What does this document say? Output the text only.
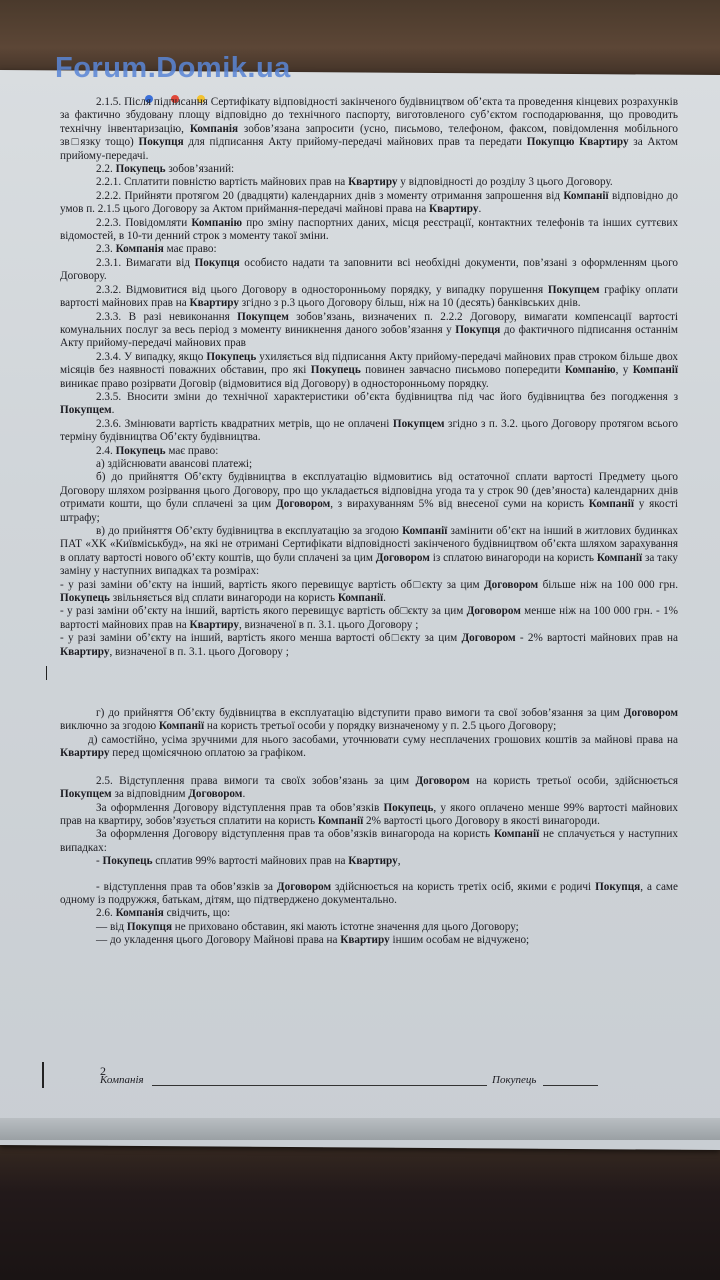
Forum.Domik.ua

2.1.5. Після підписання Сертифікату відповідності закінченого будівництвом об’єкта та проведення кінцевих розрахунків за фактично збудовану площу відповідно до технічного паспорту, виготовленого суб’єктом господарювання, що проводить технічну інвентаризацію, Компанія зобов’язана запросити (усно, письмово, телефоном, факсом, повідомлення мобільного зв□язку тощо) Покупця для підписання Акту прийому-передачі майнових прав та передати Покупцю Квартиру за Актом прийому-передачі.

2.2. Покупець зобов’язаний:

2.2.1. Сплатити повністю вартість майнових прав на Квартиру у відповідності до розділу 3 цього Договору.

2.2.2. Прийняти протягом 20 (двадцяти) календарних днів з моменту отримання запрошення від Компанії відповідно до умов п. 2.1.5 цього Договору за Актом приймання-передачі майнові права на Квартиру.

2.2.3. Повідомляти Компанію про зміну паспортних даних, місця реєстрації, контактних телефонів та інших суттєвих відомостей, в 10-ти денний строк з моменту такої зміни.

2.3. Компанія має право:

2.3.1. Вимагати від Покупця особисто надати та заповнити всі необхідні документи, пов’язані з оформленням цього Договору.

2.3.2. Відмовитися від цього Договору в односторонньому порядку, у випадку порушення Покупцем графіку оплати вартості майнових прав на Квартиру згідно з р.3 цього Договору більш, ніж на 10 (десять) банківських днів.

2.3.3. В разі невиконання Покупцем зобов’язань, визначених п. 2.2.2 Договору, вимагати компенсації вартості комунальних послуг за весь період з моменту виникнення даного зобов’язання у Покупця до фактичного підписання останнім Акту прийому-передачі майнових прав

2.3.4. У випадку, якщо Покупець ухиляється від підписання Акту прийому-передачі майнових прав строком більше двох місяців без наявності поважних обставин, про які Покупець повинен завчасно письмово попередити Компанію, у Компанії виникає право розірвати Договір (відмовитися від Договору) в односторонньому порядку.

2.3.5. Вносити зміни до технічної характеристики об’єкта будівництва під час його будівництва без погодження з Покупцем.

2.3.6. Змінювати вартість квадратних метрів, що не оплачені Покупцем згідно з п. 3.2. цього Договору протягом всього терміну будівництва Об’єкту будівництва.

2.4. Покупець має право:

а) здійснювати авансові платежі;

б) до прийняття Об’єкту будівництва в експлуатацію відмовитись від остаточної сплати вартості Предмету цього Договору шляхом розірвання цього Договору, про що укладається відповідна угода та у строк 90 (дев’яноста) календарних днів отримати кошти, що були сплачені за цим Договором, з вирахуванням 5% від внесеної суми на користь Компанії у якості штрафу;

в) до прийняття Об’єкту будівництва в експлуатацію за згодою Компанії замінити об’єкт на інший в житлових будинках ПАТ «ХК «Київміськбуд», на які не отримані Сертифікати відповідності закінченого будівництвом об’єкта шляхом зарахування в оплату вартості нового об’єкту коштів, що були сплачені за цим Договором із сплатою винагороди на користь Компанії за таку заміну у наступних випадках та розмірах:

- у разі заміни об’єкту на інший, вартість якого перевищує вартість об□єкту за цим Договором більше ніж на 100 000 грн. Покупець звільняється від сплати винагороди на користь Компанії.

- у разі заміни об’єкту на інший, вартість якого перевищує вартість об□єкту за цим Договором менше ніж на 100 000 грн. - 1% вартості майнових прав на Квартиру, визначеної в п. 3.1. цього Договору ;

- у разі заміни об’єкту на інший, вартість якого менша вартості об□єкту за цим Договором - 2% вартості майнових прав на Квартиру, визначеної в п. 3.1. цього Договору ;

г) до прийняття Об’єкту будівництва в експлуатацію відступити право вимоги та свої зобов’язання за цим Договором виключно за згодою Компанії на користь третьої особи у порядку визначеному у п. 2.5 цього Договору;

д) самостійно, усіма зручними для нього засобами, уточнювати суму несплачених грошових коштів за майнові права на Квартиру перед щомісячною оплатою за графіком.

2.5. Відступлення права вимоги та своїх зобов’язань за цим Договором на користь третьої особи, здійснюється Покупцем за відповідним Договором.

За оформлення Договору відступлення прав та обов’язків Покупець, у якого оплачено менше 99% вартості майнових прав на квартиру, зобов’язується сплатити на користь Компанії 2% вартості цього Договору в якості винагороди.

За оформлення Договору відступлення прав та обов’язків винагорода на користь Компанії не сплачується у наступних випадках:

- Покупець сплатив 99% вартості майнових прав на Квартиру,

- відступлення прав та обов’язків за Договором здійснюється на користь третіх осіб, якими є родичі Покупця, а саме одному із подружжя, батькам, дітям, що підтверджено документально.

2.6. Компанія свідчить, що:

— від Покупця не приховано обставин, які мають істотне значення для цього Договору;

— до укладення цього Договору Майнові права на Квартиру іншим особам не відчужено;

2
Компанія	Покупець
